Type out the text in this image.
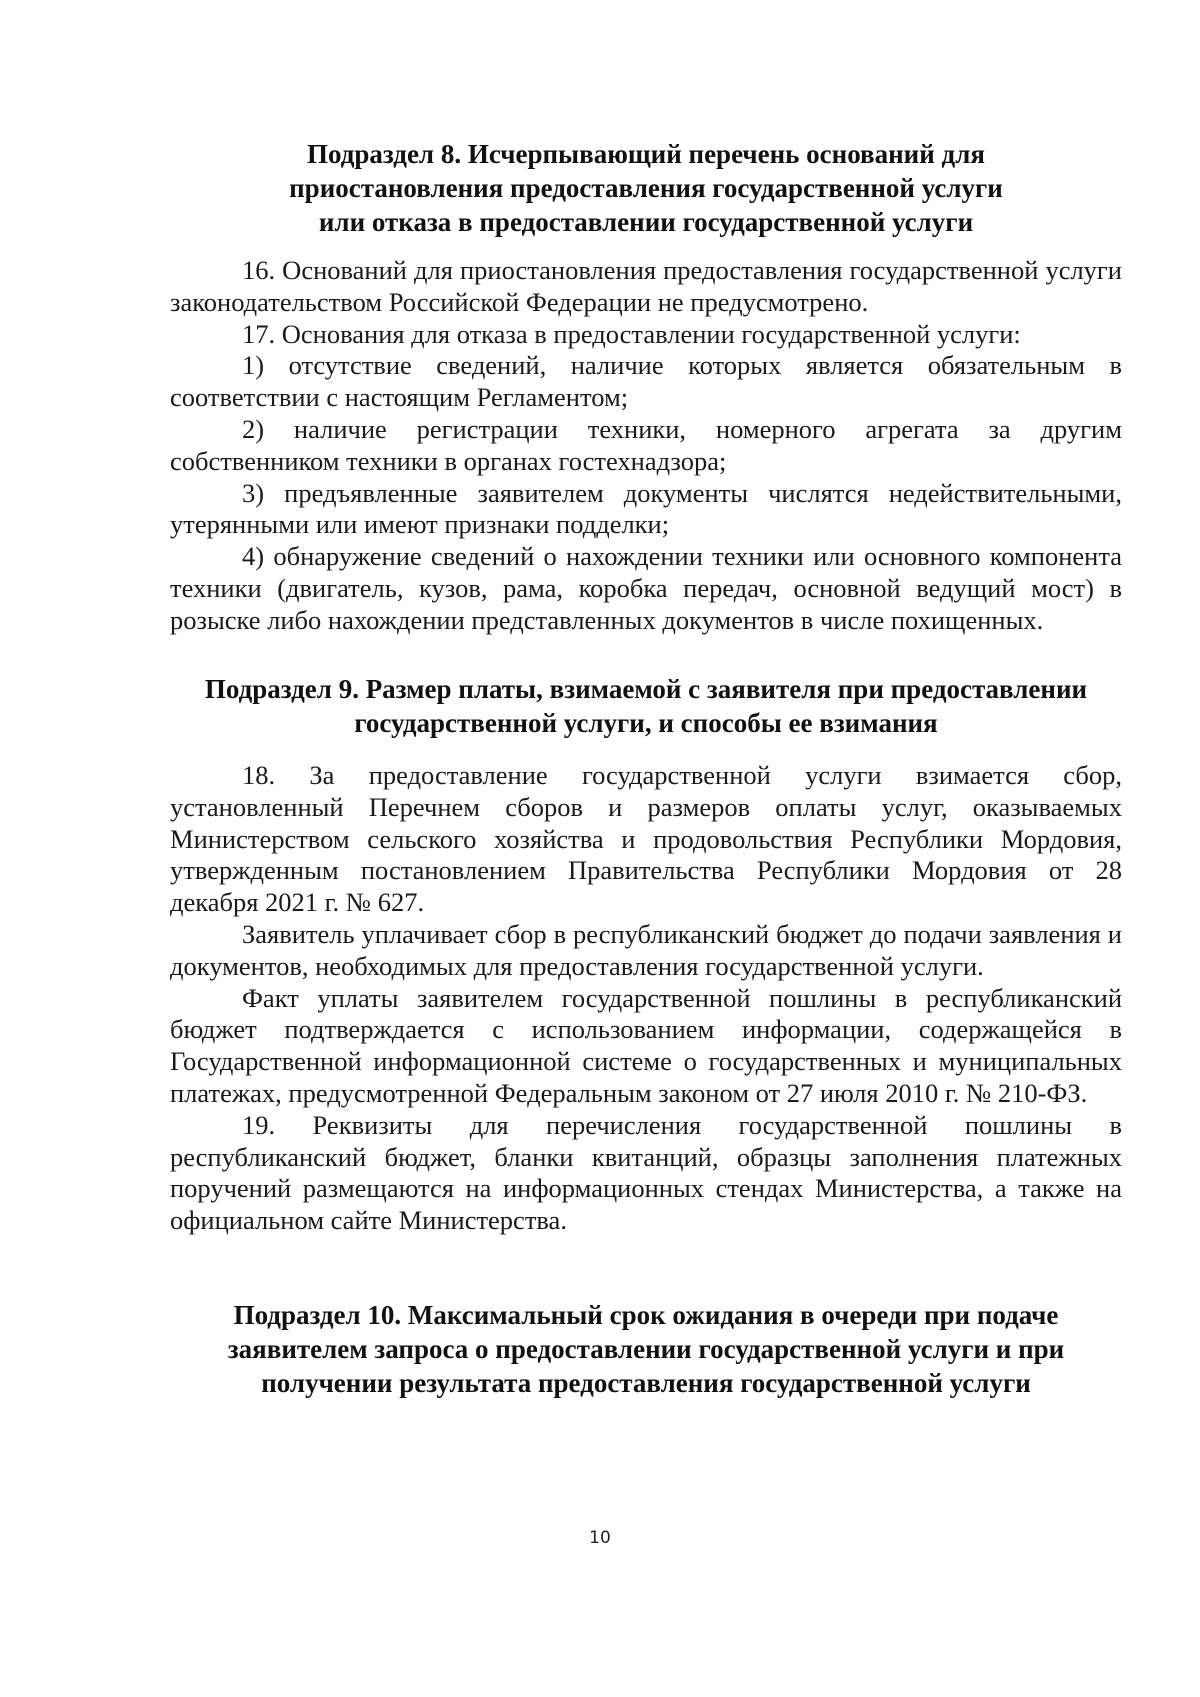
Подраздел 8. Исчерпывающий перечень оснований для
приостановления предоставления государственной услуги
или отказа в предоставлении государственной услуги

16. Оснований для приостановления предоставления государственной услуги законодательством Российской Федерации не предусмотрено.

17. Основания для отказа в предоставлении государственной услуги:

1) отсутствие сведений, наличие которых является обязательным в соответствии с настоящим Регламентом;

2) наличие регистрации техники, номерного агрегата за другим собственником техники в органах гостехнадзора;

3) предъявленные заявителем документы числятся недействительными, утерянными или имеют признаки подделки;

4) обнаружение сведений о нахождении техники или основного компонента техники (двигатель, кузов, рама, коробка передач, основной ведущий мост) в розыске либо нахождении представленных документов в числе похищенных.

Подраздел 9. Размер платы, взимаемой с заявителя при предоставлении
государственной услуги, и способы ее взимания

18. За предоставление государственной услуги взимается сбор, установленный Перечнем сборов и размеров оплаты услуг, оказываемых Министерством сельского хозяйства и продовольствия Республики Мордовия, утвержденным постановлением Правительства Республики Мордовия от 28 декабря 2021 г. № 627.

Заявитель уплачивает сбор в республиканский бюджет до подачи заявления и документов, необходимых для предоставления государственной услуги.

Факт уплаты заявителем государственной пошлины в республиканский бюджет подтверждается с использованием информации, содержащейся в Государственной информационной системе о государственных и муниципальных платежах, предусмотренной Федеральным законом от 27 июля 2010 г. № 210-ФЗ.

19. Реквизиты для перечисления государственной пошлины в республиканский бюджет, бланки квитанций, образцы заполнения платежных поручений размещаются на информационных стендах Министерства, а также на официальном сайте Министерства.

Подраздел 10. Максимальный срок ожидания в очереди при подаче
заявителем запроса о предоставлении государственной услуги и при
получении результата предоставления государственной услуги
10
